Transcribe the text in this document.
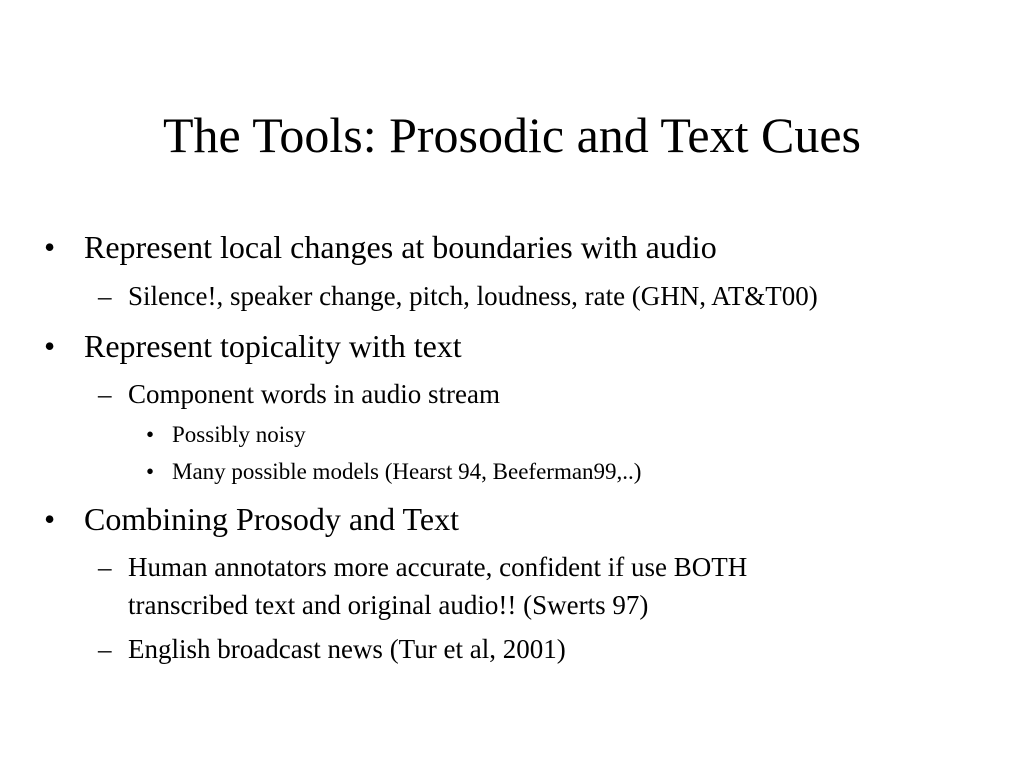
The Tools: Prosodic and Text Cues
• Represent local changes at boundaries with audio
– Silence!, speaker change, pitch, loudness, rate (GHN, AT&T00)
• Represent topicality with text
– Component words in audio stream
• Possibly noisy
• Many possible models (Hearst 94, Beeferman99,..)
• Combining Prosody and Text
– Human annotators more accurate, confident if use BOTH
transcribed text and original audio!! (Swerts 97)
– English broadcast news (Tur et al, 2001)
